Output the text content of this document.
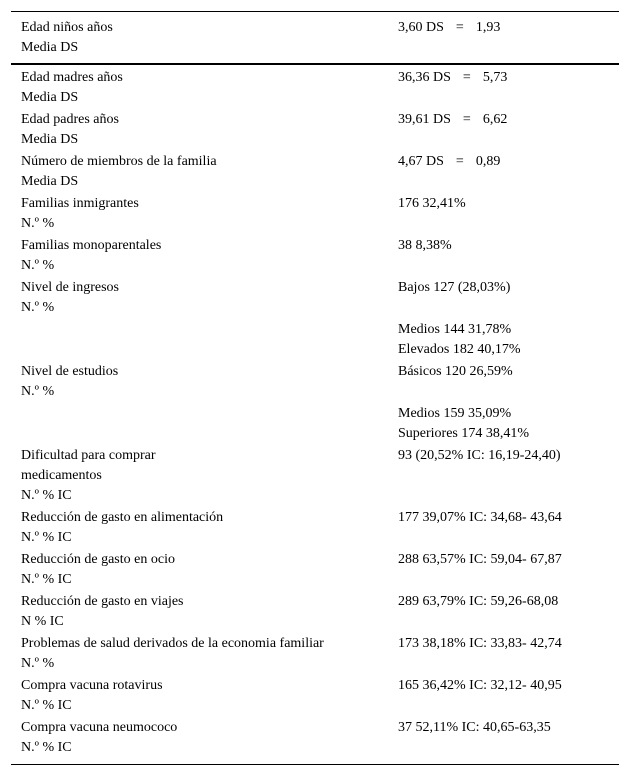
Edad niños años
Media DS	3,60 DS = 1,93

Edad madres años
Media DS	36,36 DS = 5,73

Edad padres años
Media DS	39,61 DS = 6,62

Número de miembros de la familia
Media DS	4,67 DS = 0,89

Familias inmigrantes
N.º %	176 32,41%

Familias monoparentales
N.º %	38 8,38%

Nivel de ingresos
N.º %	Bajos 127 (28,03%)

	Medios 144 31,78%
Elevados 182 40,17%

Nivel de estudios
N.º %	Básicos 120 26,59%

	Medios 159 35,09%
Superiores 174 38,41%

Dificultad para comprar medicamentos
N.º % IC	93 (20,52% IC: 16,19-24,40)

Reducción de gasto en alimentación
N.º % IC	177 39,07% IC: 34,68- 43,64

Reducción de gasto en ocio
N.º % IC	288 63,57% IC: 59,04- 67,87

Reducción de gasto en viajes
N % IC	289 63,79% IC: 59,26-68,08

Problemas de salud derivados de la economia familiar
N.º %	173 38,18% IC: 33,83- 42,74

Compra vacuna rotavirus
N.º % IC	165 36,42% IC: 32,12- 40,95

Compra vacuna neumococo
N.º % IC	37 52,11% IC: 40,65-63,35
